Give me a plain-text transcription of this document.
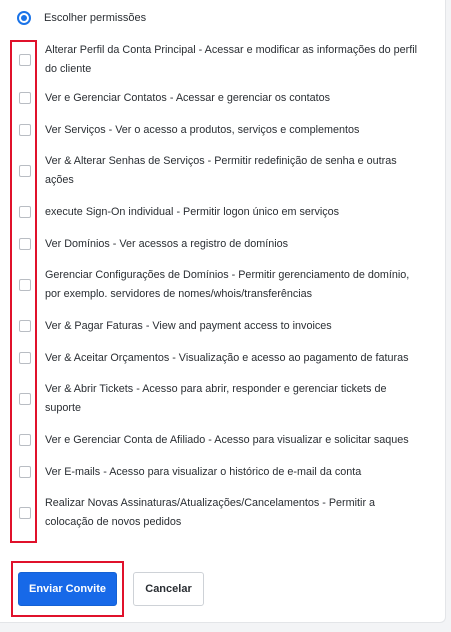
Escolher permissões
Alterar Perfil da Conta Principal - Acessar e modificar as informações do perfil do cliente
Ver e Gerenciar Contatos - Acessar e gerenciar os contatos
Ver Serviços - Ver o acesso a produtos, serviços e complementos
Ver & Alterar Senhas de Serviços - Permitir redefinição de senha e outras ações
execute Sign-On individual - Permitir logon único em serviços
Ver Domínios - Ver acessos a registro de domínios
Gerenciar Configurações de Domínios - Permitir gerenciamento de domínio, por exemplo. servidores de nomes/whois/transferências
Ver & Pagar Faturas - View and payment access to invoices
Ver & Aceitar Orçamentos - Visualização e acesso ao pagamento de faturas
Ver & Abrir Tickets - Acesso para abrir, responder e gerenciar tickets de suporte
Ver e Gerenciar Conta de Afiliado - Acesso para visualizar e solicitar saques
Ver E-mails - Acesso para visualizar o histórico de e-mail da conta
Realizar Novas Assinaturas/Atualizações/Cancelamentos - Permitir a colocação de novos pedidos
Enviar Convite	Cancelar
